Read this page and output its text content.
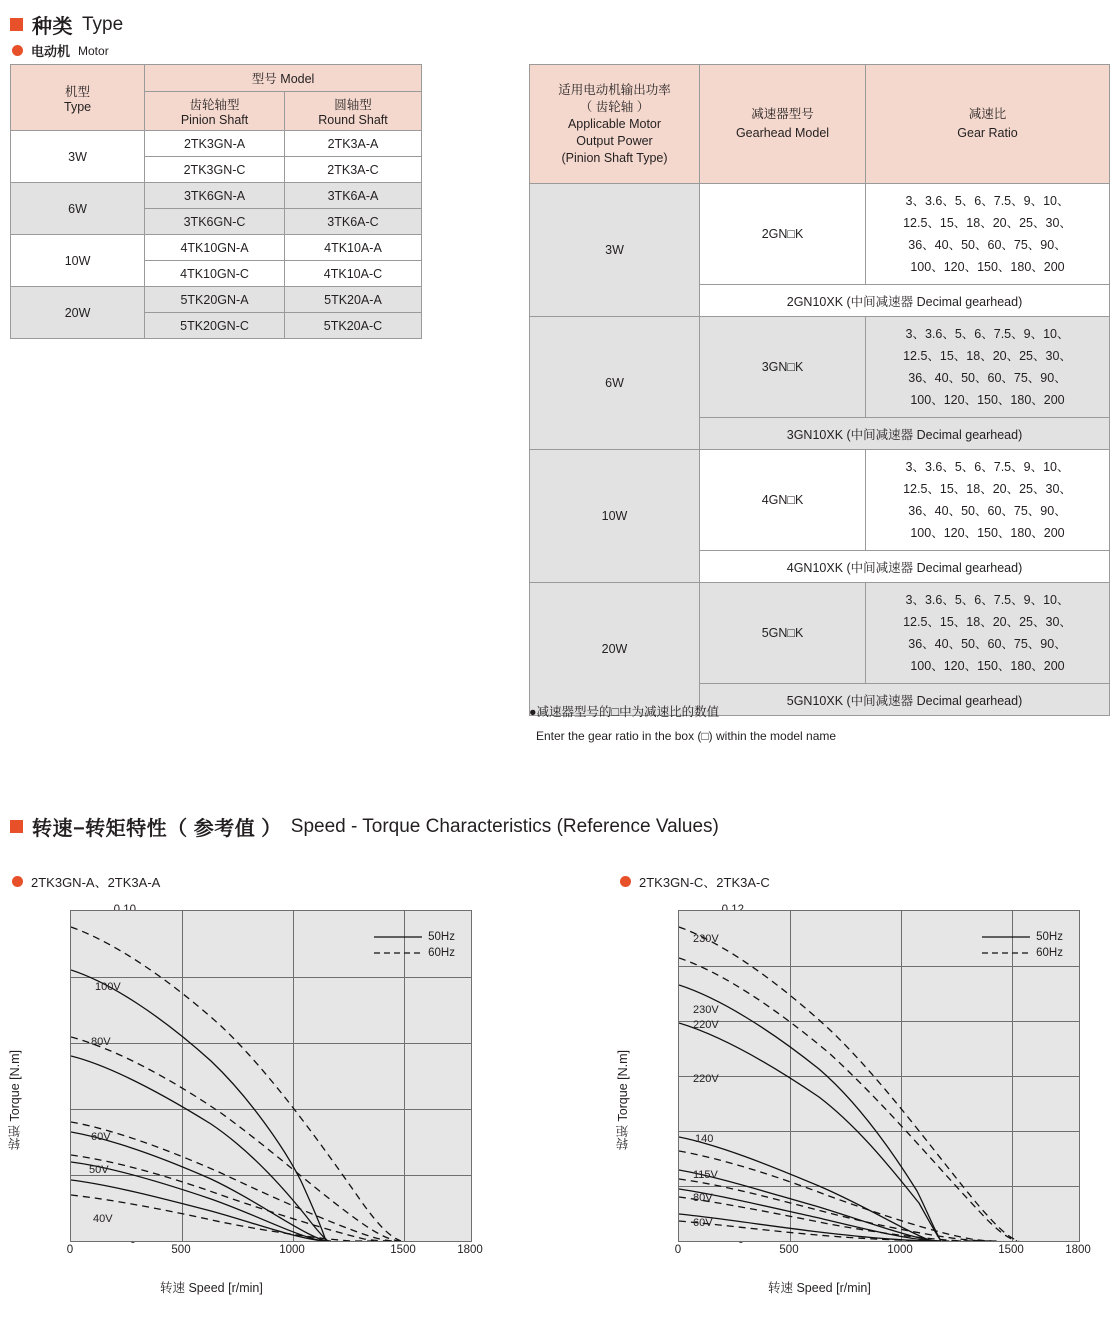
种类 Type
电动机 Motor
机型
Type	型号 Model	

齿轮轴型
Pinion Shaft

圆轴型
Round Shaft

3W	2TK3GN-A	2TK3A-A
	2TK3GN-C	2TK3A-C
6W	3TK6GN-A	3TK6A-A
	3TK6GN-C	3TK6A-C
10W	4TK10GN-A	4TK10A-A
	4TK10GN-C	4TK10A-C
20W	5TK20GN-A	5TK20A-A
	5TK20GN-C	5TK20A-C
适用电动机输出功率
（ 齿轮轴 ）
Applicable Motor
Output Power
(Pinion Shaft Type)

减速器型号
Gearhead Model

减速比
Gear Ratio

3W	2GN□K	3、3.6、5、6、7.5、9、10、
12.5、15、18、20、25、30、
36、40、50、60、75、90、
100、120、150、180、200

	2GN10XK (中间减速器 Decimal gearhead)	
6W	3GN□K	3、3.6、5、6、7.5、9、10、
12.5、15、18、20、25、30、
36、40、50、60、75、90、
100、120、150、180、200

	3GN10XK (中间减速器 Decimal gearhead)	
10W	4GN□K	3、3.6、5、6、7.5、9、10、
12.5、15、18、20、25、30、
36、40、50、60、75、90、
100、120、150、180、200

	4GN10XK (中间减速器 Decimal gearhead)	
20W	5GN□K	3、3.6、5、6、7.5、9、10、
12.5、15、18、20、25、30、
36、40、50、60、75、90、
100、120、150、180、200

	5GN10XK (中间减速器 Decimal gearhead)	
●减速器型号的□中为减速比的数值
Enter the gear ratio in the box (□) within the model name
转速−转矩特性（ 参考值 ） Speed - Torque Characteristics (Reference Values)
2TK3GN-A、2TK3A-A	2TK3GN-C、2TK3A-C
转矩 Torque [N.m]
转速 Speed [r/min]
0	500	1000	1500	1800
50Hz
60Hz
100V
80V
60V
50V
40V
转矩 Torque [N.m]
转速 Speed [r/min]
0	500	1000	1500	1800
50Hz
60Hz
230V
230V
220V
220V
140
115V
80V
60V
